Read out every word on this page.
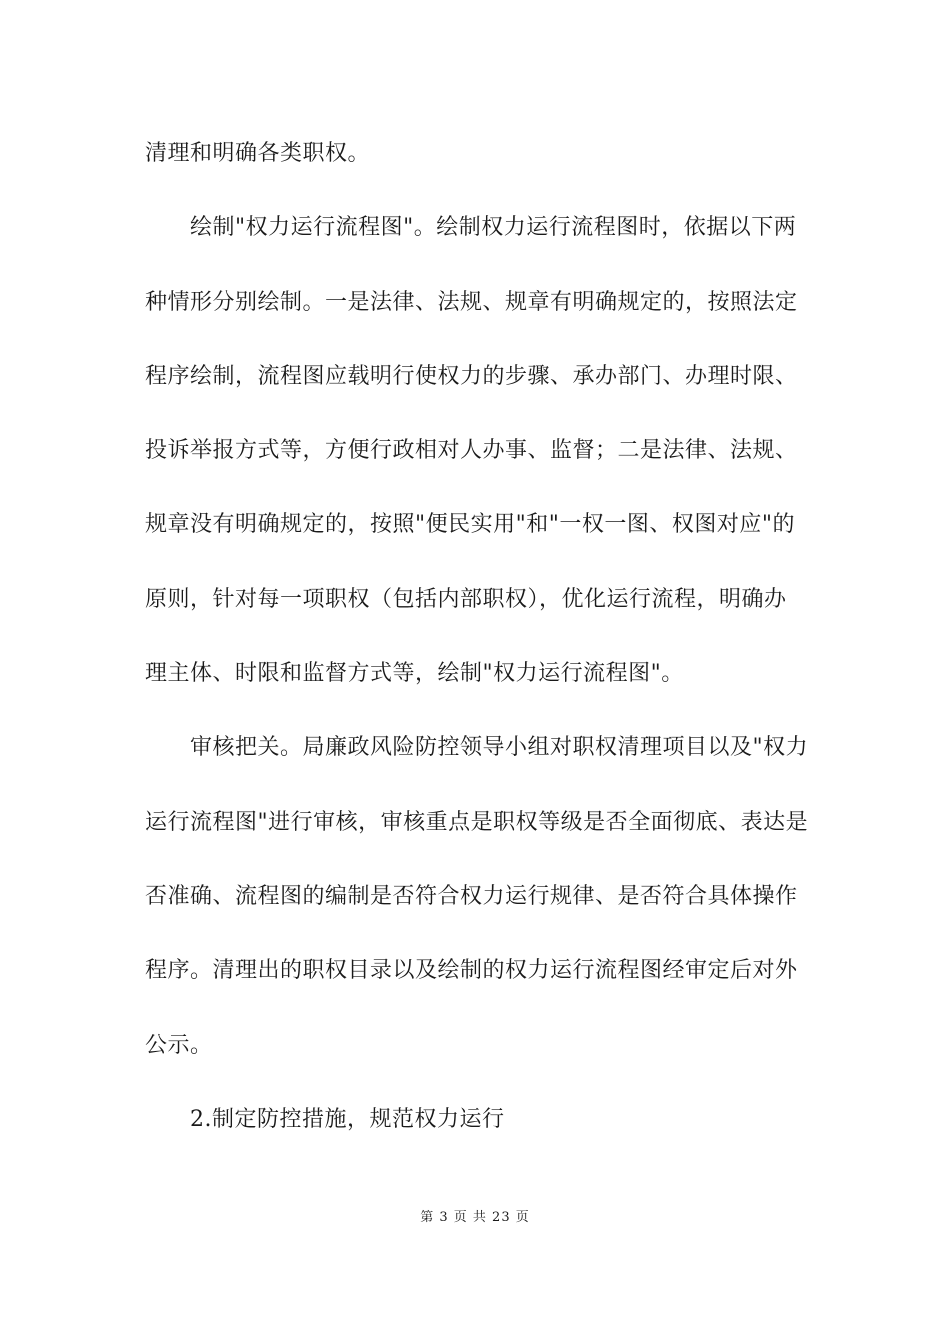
清理和明确各类职权。
绘制"权力运行流程图"。绘制权力运行流程图时，依据以下两
种情形分别绘制。一是法律、法规、规章有明确规定的，按照法定
程序绘制，流程图应载明行使权力的步骤、承办部门、办理时限、
投诉举报方式等，方便行政相对人办事、监督；二是法律、法规、
规章没有明确规定的，按照"便民实用"和"一权一图、权图对应"的
原则，针对每一项职权（包括内部职权），优化运行流程，明确办
理主体、时限和监督方式等，绘制"权力运行流程图"。
审核把关。局廉政风险防控领导小组对职权清理项目以及"权力
运行流程图"进行审核，审核重点是职权等级是否全面彻底、表达是
否准确、流程图的编制是否符合权力运行规律、是否符合具体操作
程序。清理出的职权目录以及绘制的权力运行流程图经审定后对外
公示。
2.制定防控措施，规范权力运行
第 3 页 共 23 页
